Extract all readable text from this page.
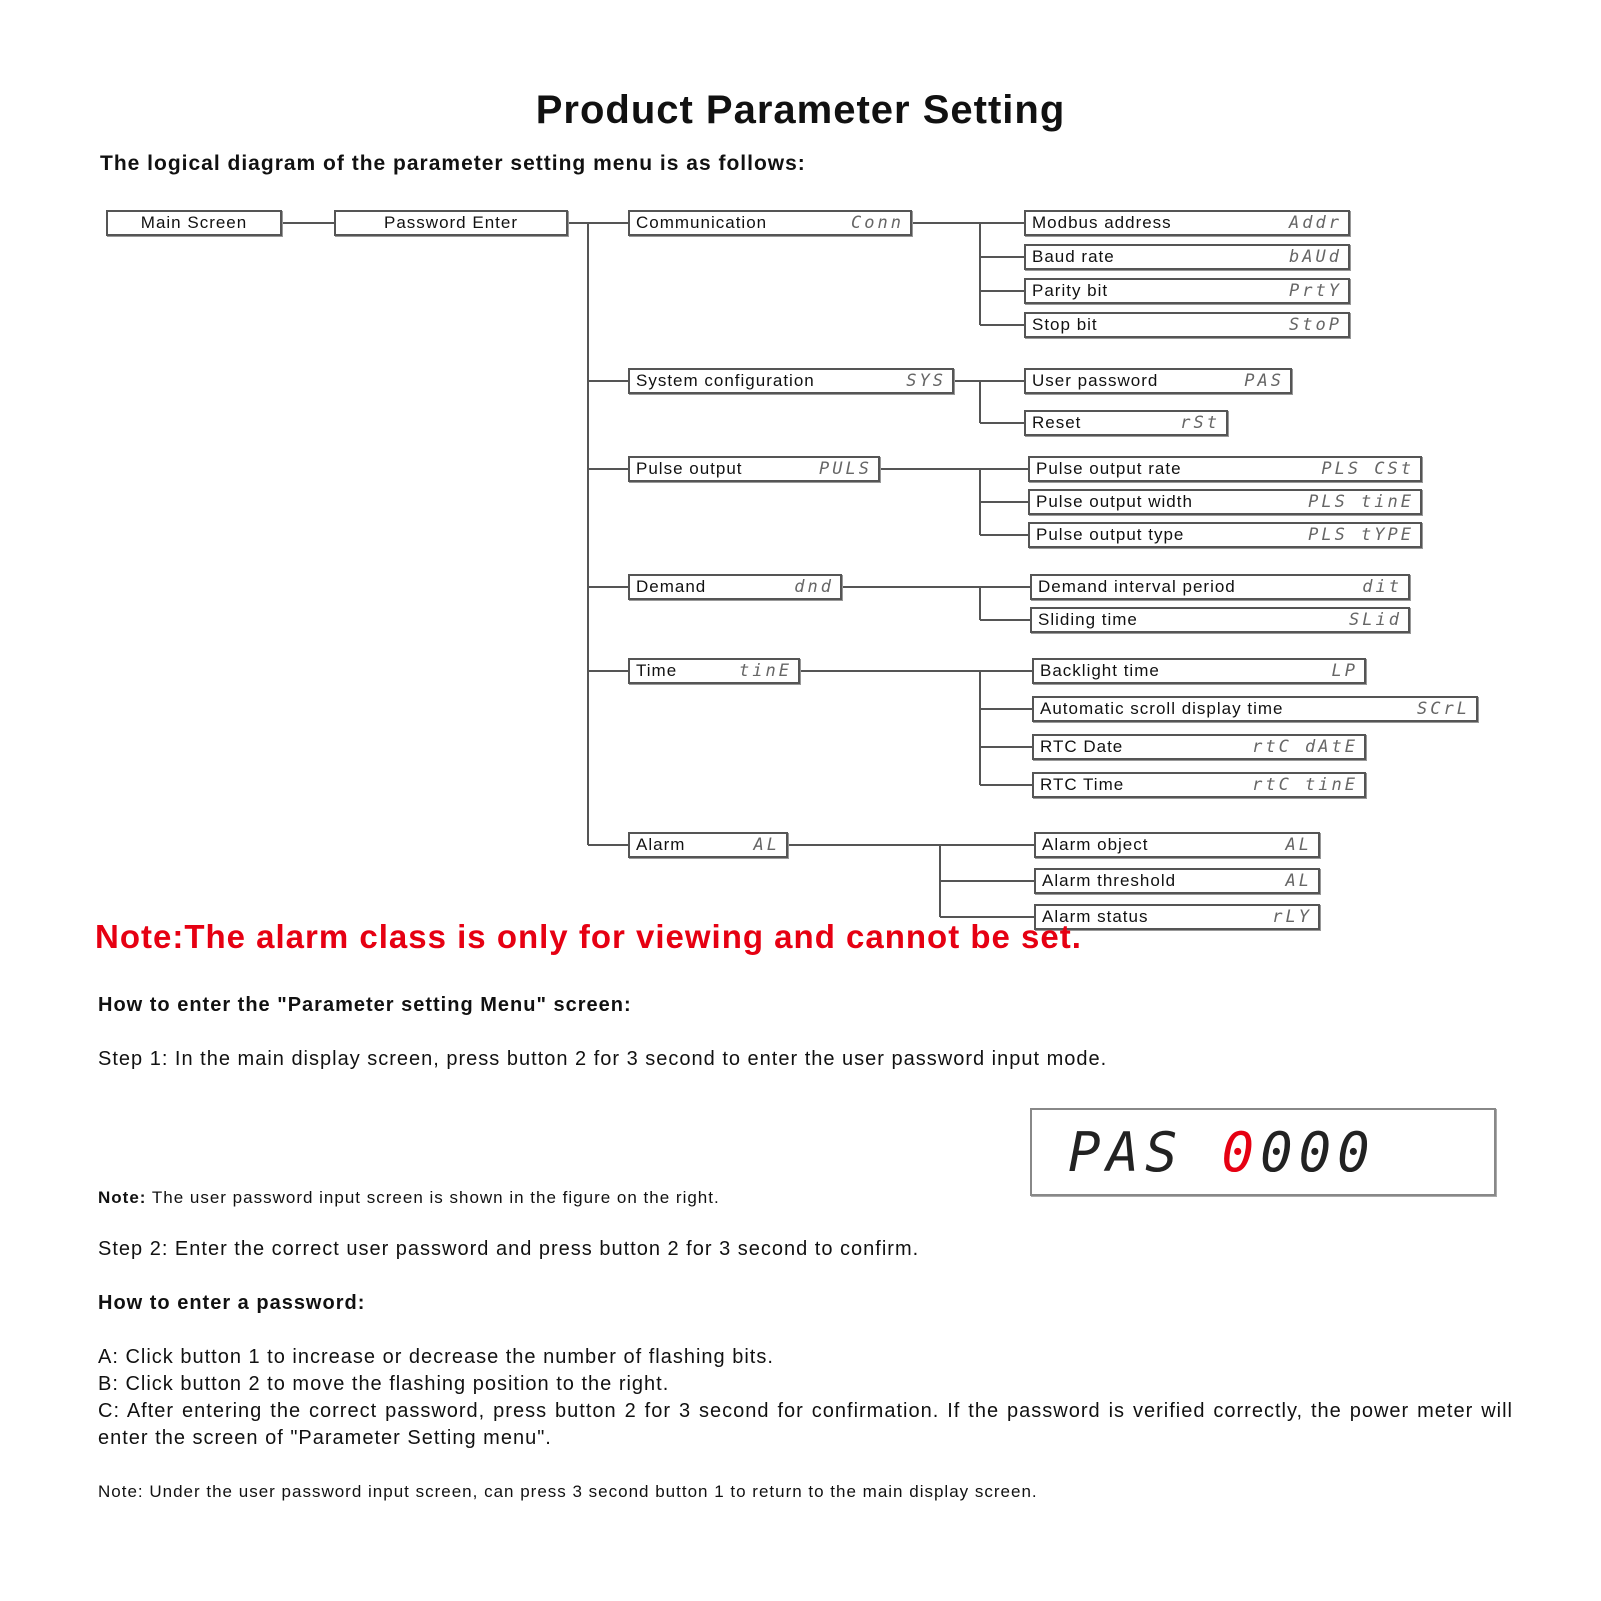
Product Parameter Setting
The logical diagram of the parameter setting menu is as follows:
Main Screen	Password Enter	Communication	Conn
System configuration	SYS
Pulse output	PULS
Demand	dnd
Time	tinE
Alarm	AL
Modbus address	Addr
Baud rate	bAUd
Parity bit	PrtY
Stop bit	StoP
User password	PAS
Reset	rSt
Pulse output rate	PLS CSt
Pulse output width	PLS tinE
Pulse output type	PLS tYPE
Demand interval period	dit
Sliding time	SLid
Backlight time	LP
Automatic scroll display time	SCrL
RTC Date	rtC dAtE
RTC Time	rtC tinE
Alarm object	AL
Alarm threshold	AL
Alarm status	rLY
Note:The alarm class is only for viewing and cannot be set.
How to enter the "Parameter setting Menu" screen:
Step 1: In the main display screen, press button 2 for 3 second to enter the user password input mode.
Note: The user password input screen is shown in the figure on the right.
PAS 0 000
Step 2: Enter the correct user password and press button 2 for 3 second to confirm.
How to enter a password:
A: Click button 1 to increase or decrease the number of flashing bits.
B: Click button 2 to move the flashing position to the right.
C: After entering the correct password, press button 2 for 3 second for confirmation. If the password is verified correctly, the power meter will enter the screen of "Parameter Setting menu".
Note: Under the user password input screen, can press 3 second button 1 to return to the main display screen.
